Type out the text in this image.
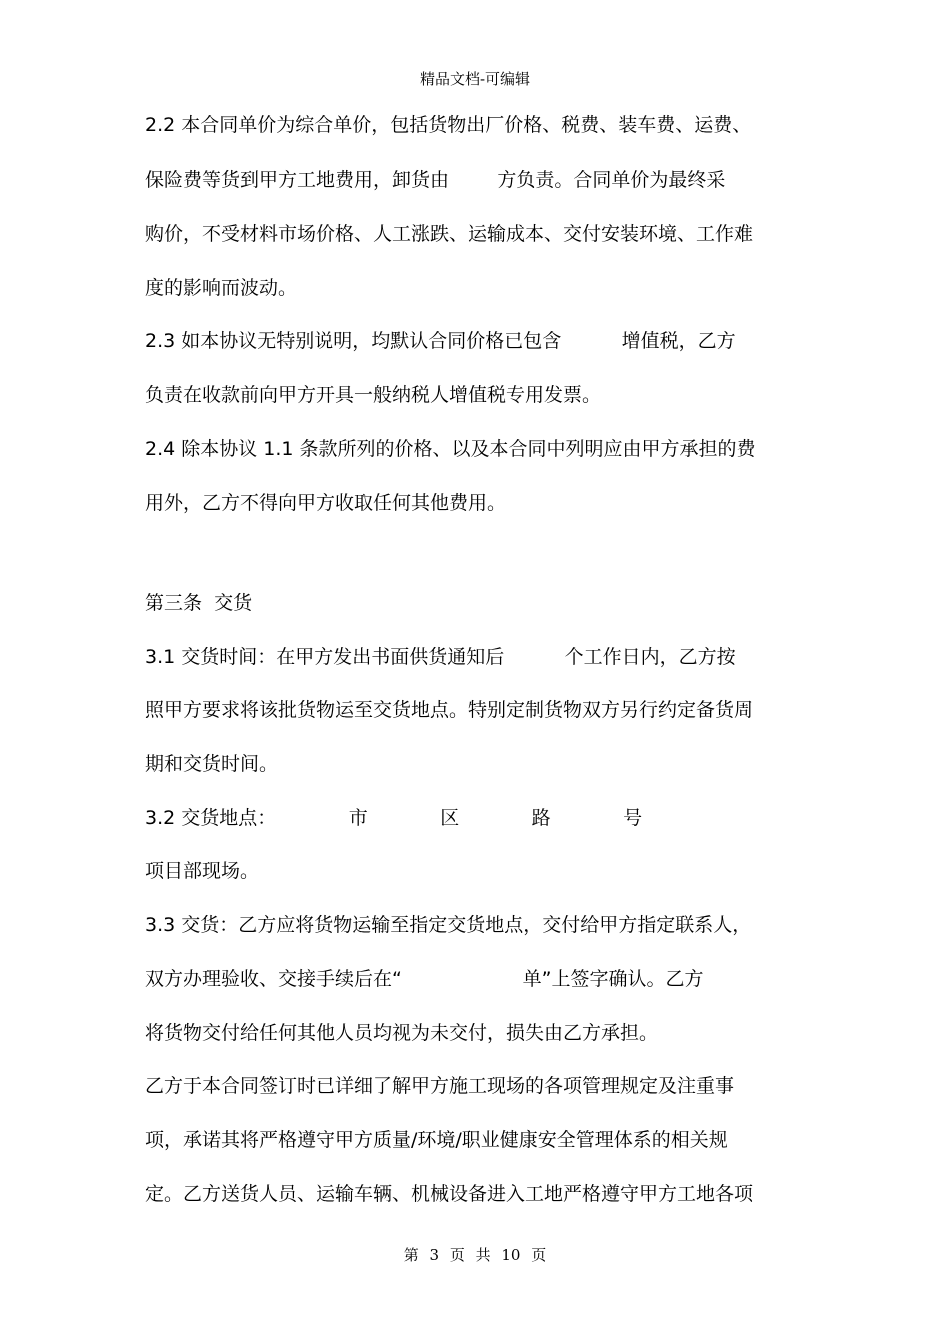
精品文档-可编辑
2.2 本合同单价为综合单价，包括货物出厂价格、税费、装车费、运费、
保险费等货到甲方工地费用，卸货由        方负责。合同单价为最终采
购价，不受材料市场价格、人工涨跌、运输成本、交付安装环境、工作难
度的影响而波动。
2.3 如本协议无特别说明，均默认合同价格已包含          增值税，乙方
负责在收款前向甲方开具一般纳税人增值税专用发票。
2.4 除本协议 1.1 条款所列的价格、以及本合同中列明应由甲方承担的费
用外，乙方不得向甲方收取任何其他费用。
第三条  交货
3.1 交货时间：在甲方发出书面供货通知后          个工作日内，乙方按
照甲方要求将该批货物运至交货地点。特别定制货物双方另行约定备货周
期和交货时间。
3.2 交货地点：            市            区            路            号
项目部现场。
3.3 交货：乙方应将货物运输至指定交货地点，交付给甲方指定联系人，
双方办理验收、交接手续后在“                    单”上签字确认。乙方
将货物交付给任何其他人员均视为未交付，损失由乙方承担。
乙方于本合同签订时已详细了解甲方施工现场的各项管理规定及注重事
项，承诺其将严格遵守甲方质量/环境/职业健康安全管理体系的相关规
定。乙方送货人员、运输车辆、机械设备进入工地严格遵守甲方工地各项
第 3 页 共 10 页
